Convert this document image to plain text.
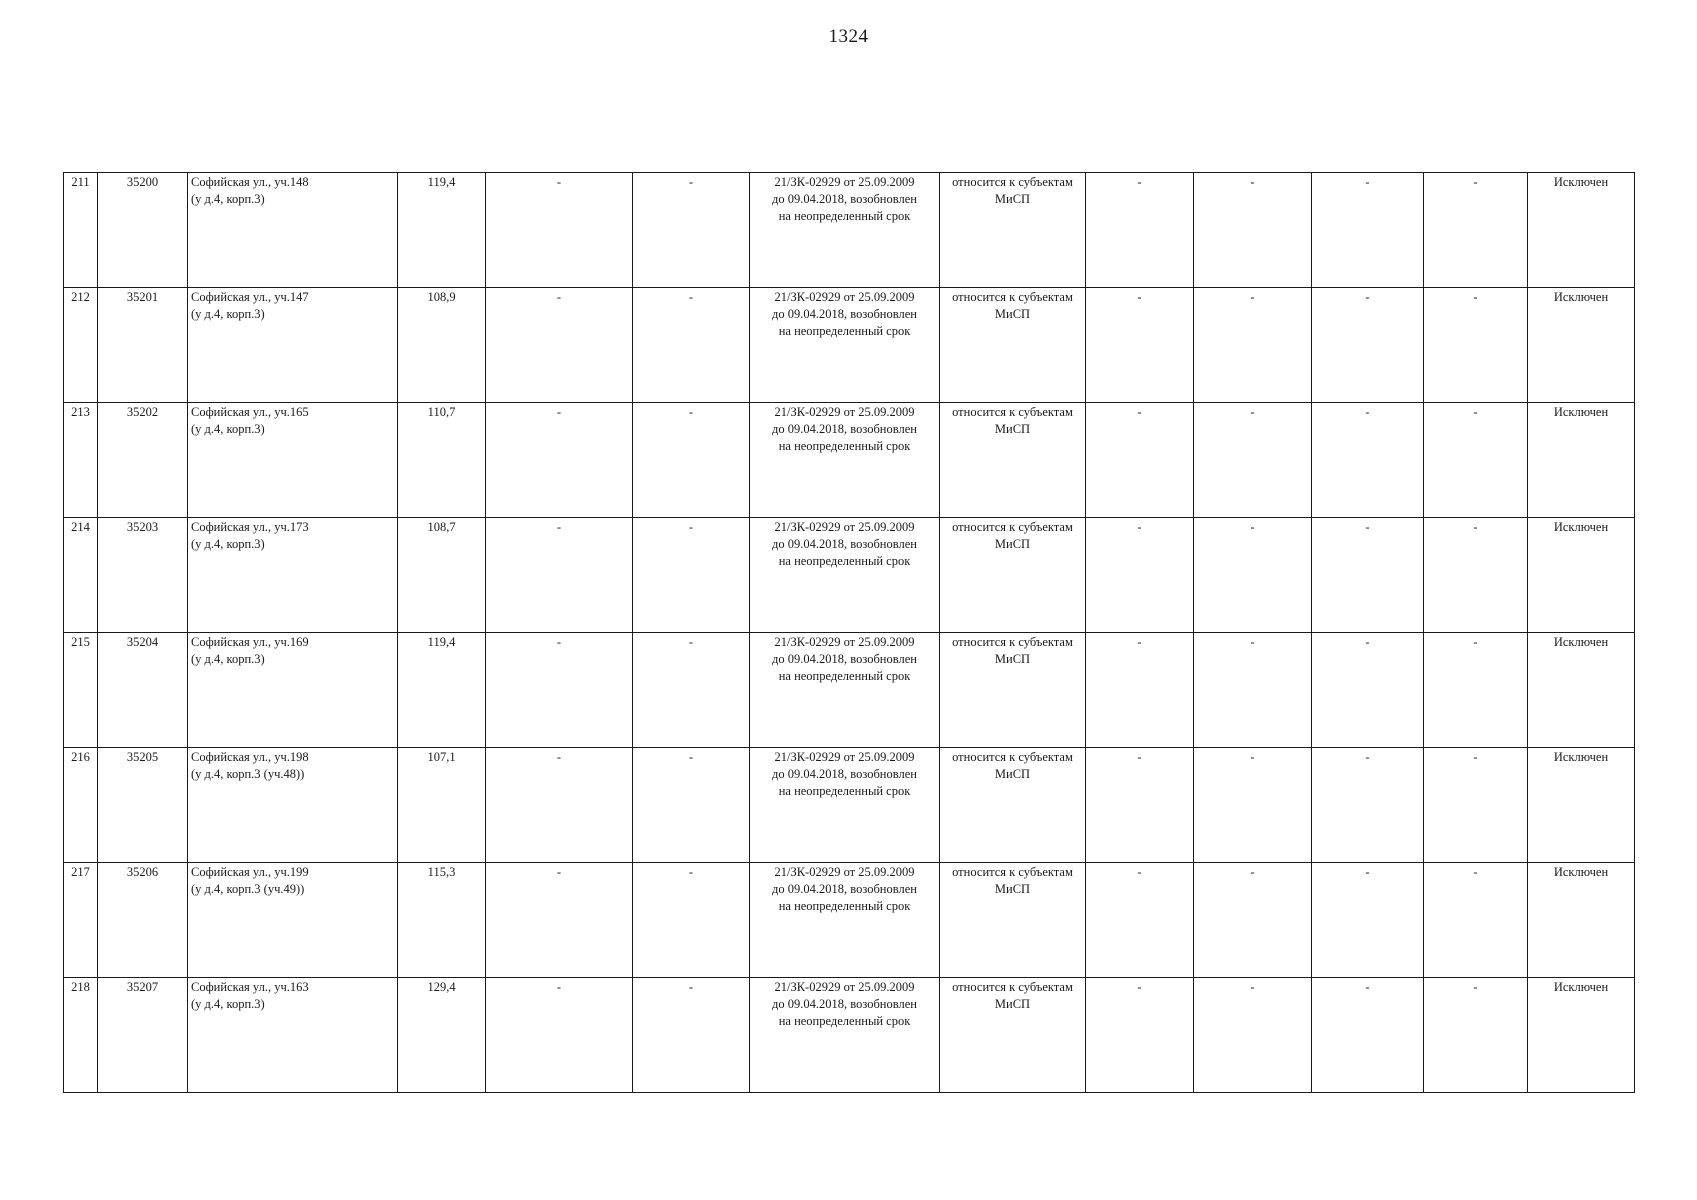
1324
211	35200	Софийская ул., уч.148
(у д.4, корп.3)	119,4	-	-	21/ЗК-02929 от 25.09.2009
до 09.04.2018, возобновлен
на неопределенный срок	относится к субъектам
МиСП	-	-	-	-	Исключен
212	35201	Софийская ул., уч.147
(у д.4, корп.3)	108,9	-	-	21/ЗК-02929 от 25.09.2009
до 09.04.2018, возобновлен
на неопределенный срок	относится к субъектам
МиСП	-	-	-	-	Исключен
213	35202	Софийская ул., уч.165
(у д.4, корп.3)	110,7	-	-	21/ЗК-02929 от 25.09.2009
до 09.04.2018, возобновлен
на неопределенный срок	относится к субъектам
МиСП	-	-	-	-	Исключен
214	35203	Софийская ул., уч.173
(у д.4, корп.3)	108,7	-	-	21/ЗК-02929 от 25.09.2009
до 09.04.2018, возобновлен
на неопределенный срок	относится к субъектам
МиСП	-	-	-	-	Исключен
215	35204	Софийская ул., уч.169
(у д.4, корп.3)	119,4	-	-	21/ЗК-02929 от 25.09.2009
до 09.04.2018, возобновлен
на неопределенный срок	относится к субъектам
МиСП	-	-	-	-	Исключен
216	35205	Софийская ул., уч.198
(у д.4, корп.3 (уч.48))	107,1	-	-	21/ЗК-02929 от 25.09.2009
до 09.04.2018, возобновлен
на неопределенный срок	относится к субъектам
МиСП	-	-	-	-	Исключен
217	35206	Софийская ул., уч.199
(у д.4, корп.3 (уч.49))	115,3	-	-	21/ЗК-02929 от 25.09.2009
до 09.04.2018, возобновлен
на неопределенный срок	относится к субъектам
МиСП	-	-	-	-	Исключен
218	35207	Софийская ул., уч.163
(у д.4, корп.3)	129,4	-	-	21/ЗК-02929 от 25.09.2009
до 09.04.2018, возобновлен
на неопределенный срок	относится к субъектам
МиСП	-	-	-	-	Исключен
